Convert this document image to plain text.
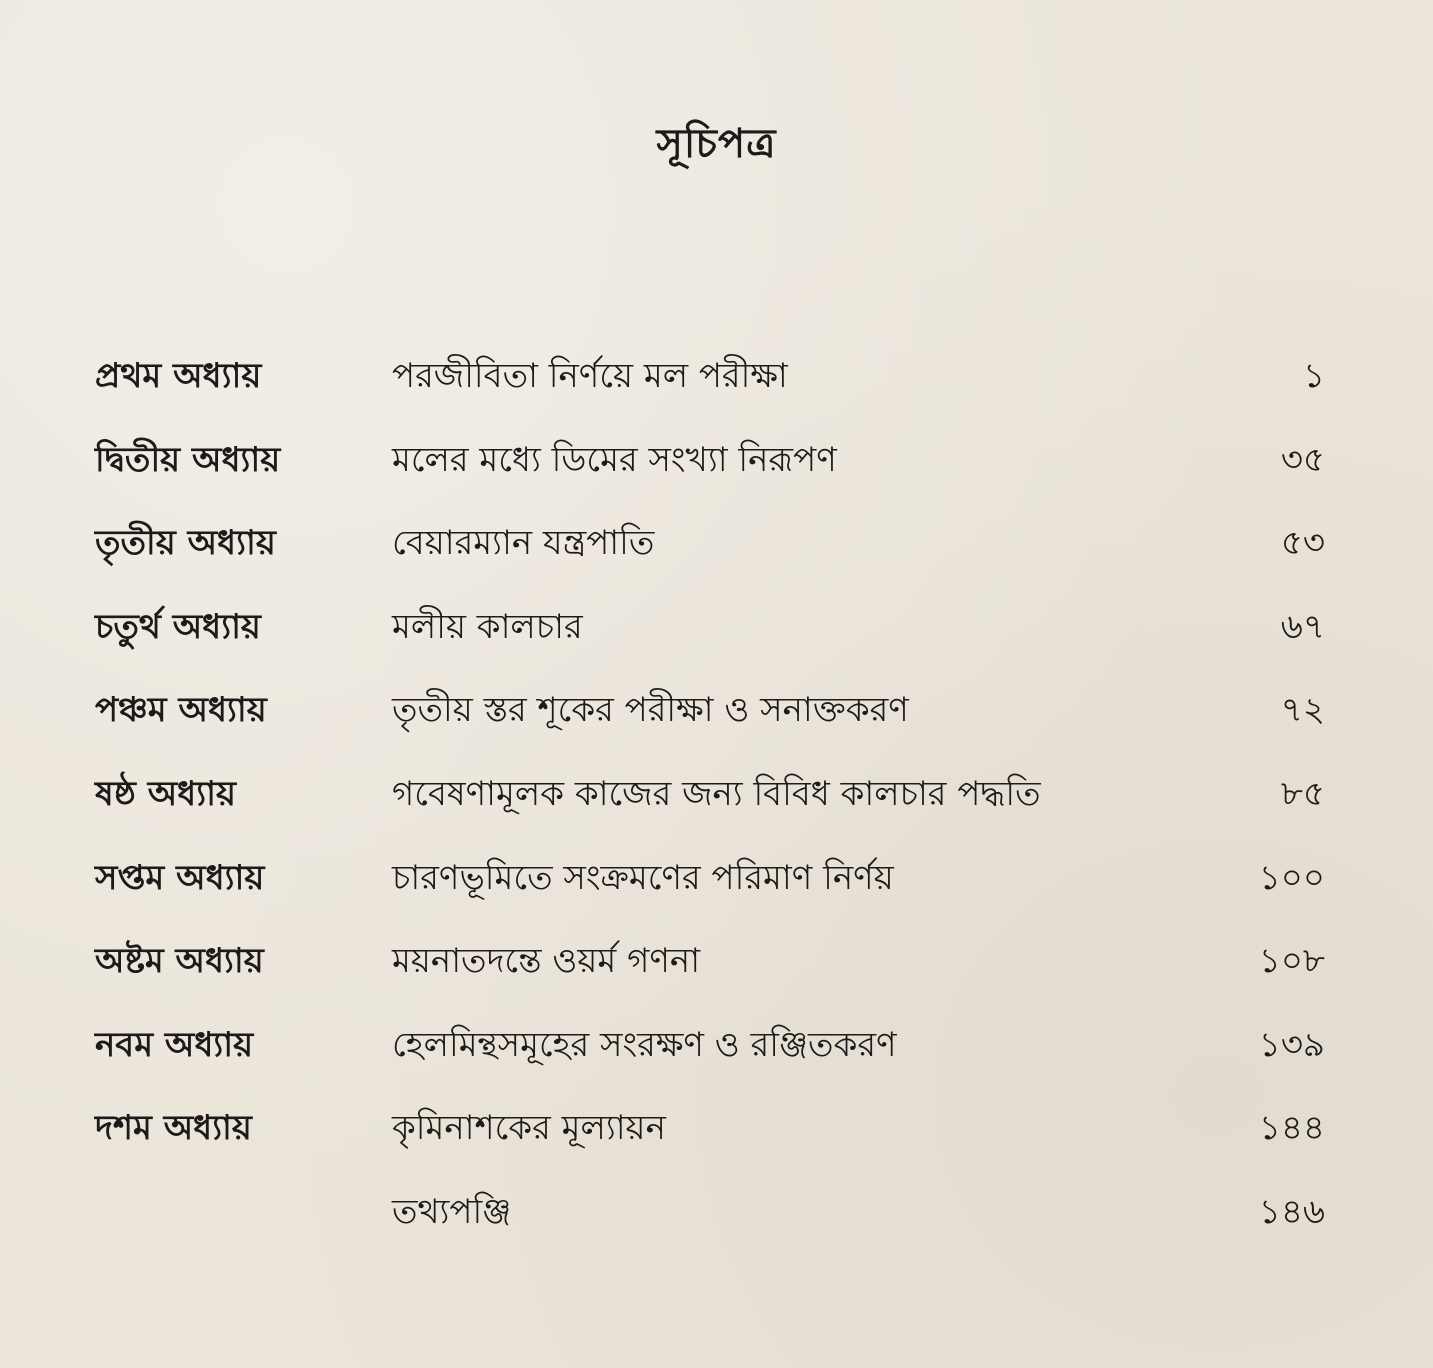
সূচিপত্র
প্রথম অধ্যায়	পরজীবিতা নির্ণয়ে মল পরীক্ষা	১
দ্বিতীয় অধ্যায়	মলের মধ্যে ডিমের সংখ্যা নিরূপণ	৩৫
তৃতীয় অধ্যায়	বেয়ারম্যান যন্ত্রপাতি	৫৩
চতুর্থ অধ্যায়	মলীয় কালচার	৬৭
পঞ্চম অধ্যায়	তৃতীয় স্তর শূকের পরীক্ষা ও সনাক্তকরণ	৭২
ষষ্ঠ অধ্যায়	গবেষণামূলক কাজের জন্য বিবিধ কালচার পদ্ধতি	৮৫
সপ্তম অধ্যায়	চারণভূমিতে সংক্রমণের পরিমাণ নির্ণয়	১০০
অষ্টম অধ্যায়	ময়নাতদন্তে ওয়র্ম গণনা	১০৮
নবম অধ্যায়	হেলমিন্থসমূহের সংরক্ষণ ও রঞ্জিতকরণ	১৩৯
দশম অধ্যায়	কৃমিনাশকের মূল্যায়ন	১৪৪
তথ্যপঞ্জি	১৪৬
